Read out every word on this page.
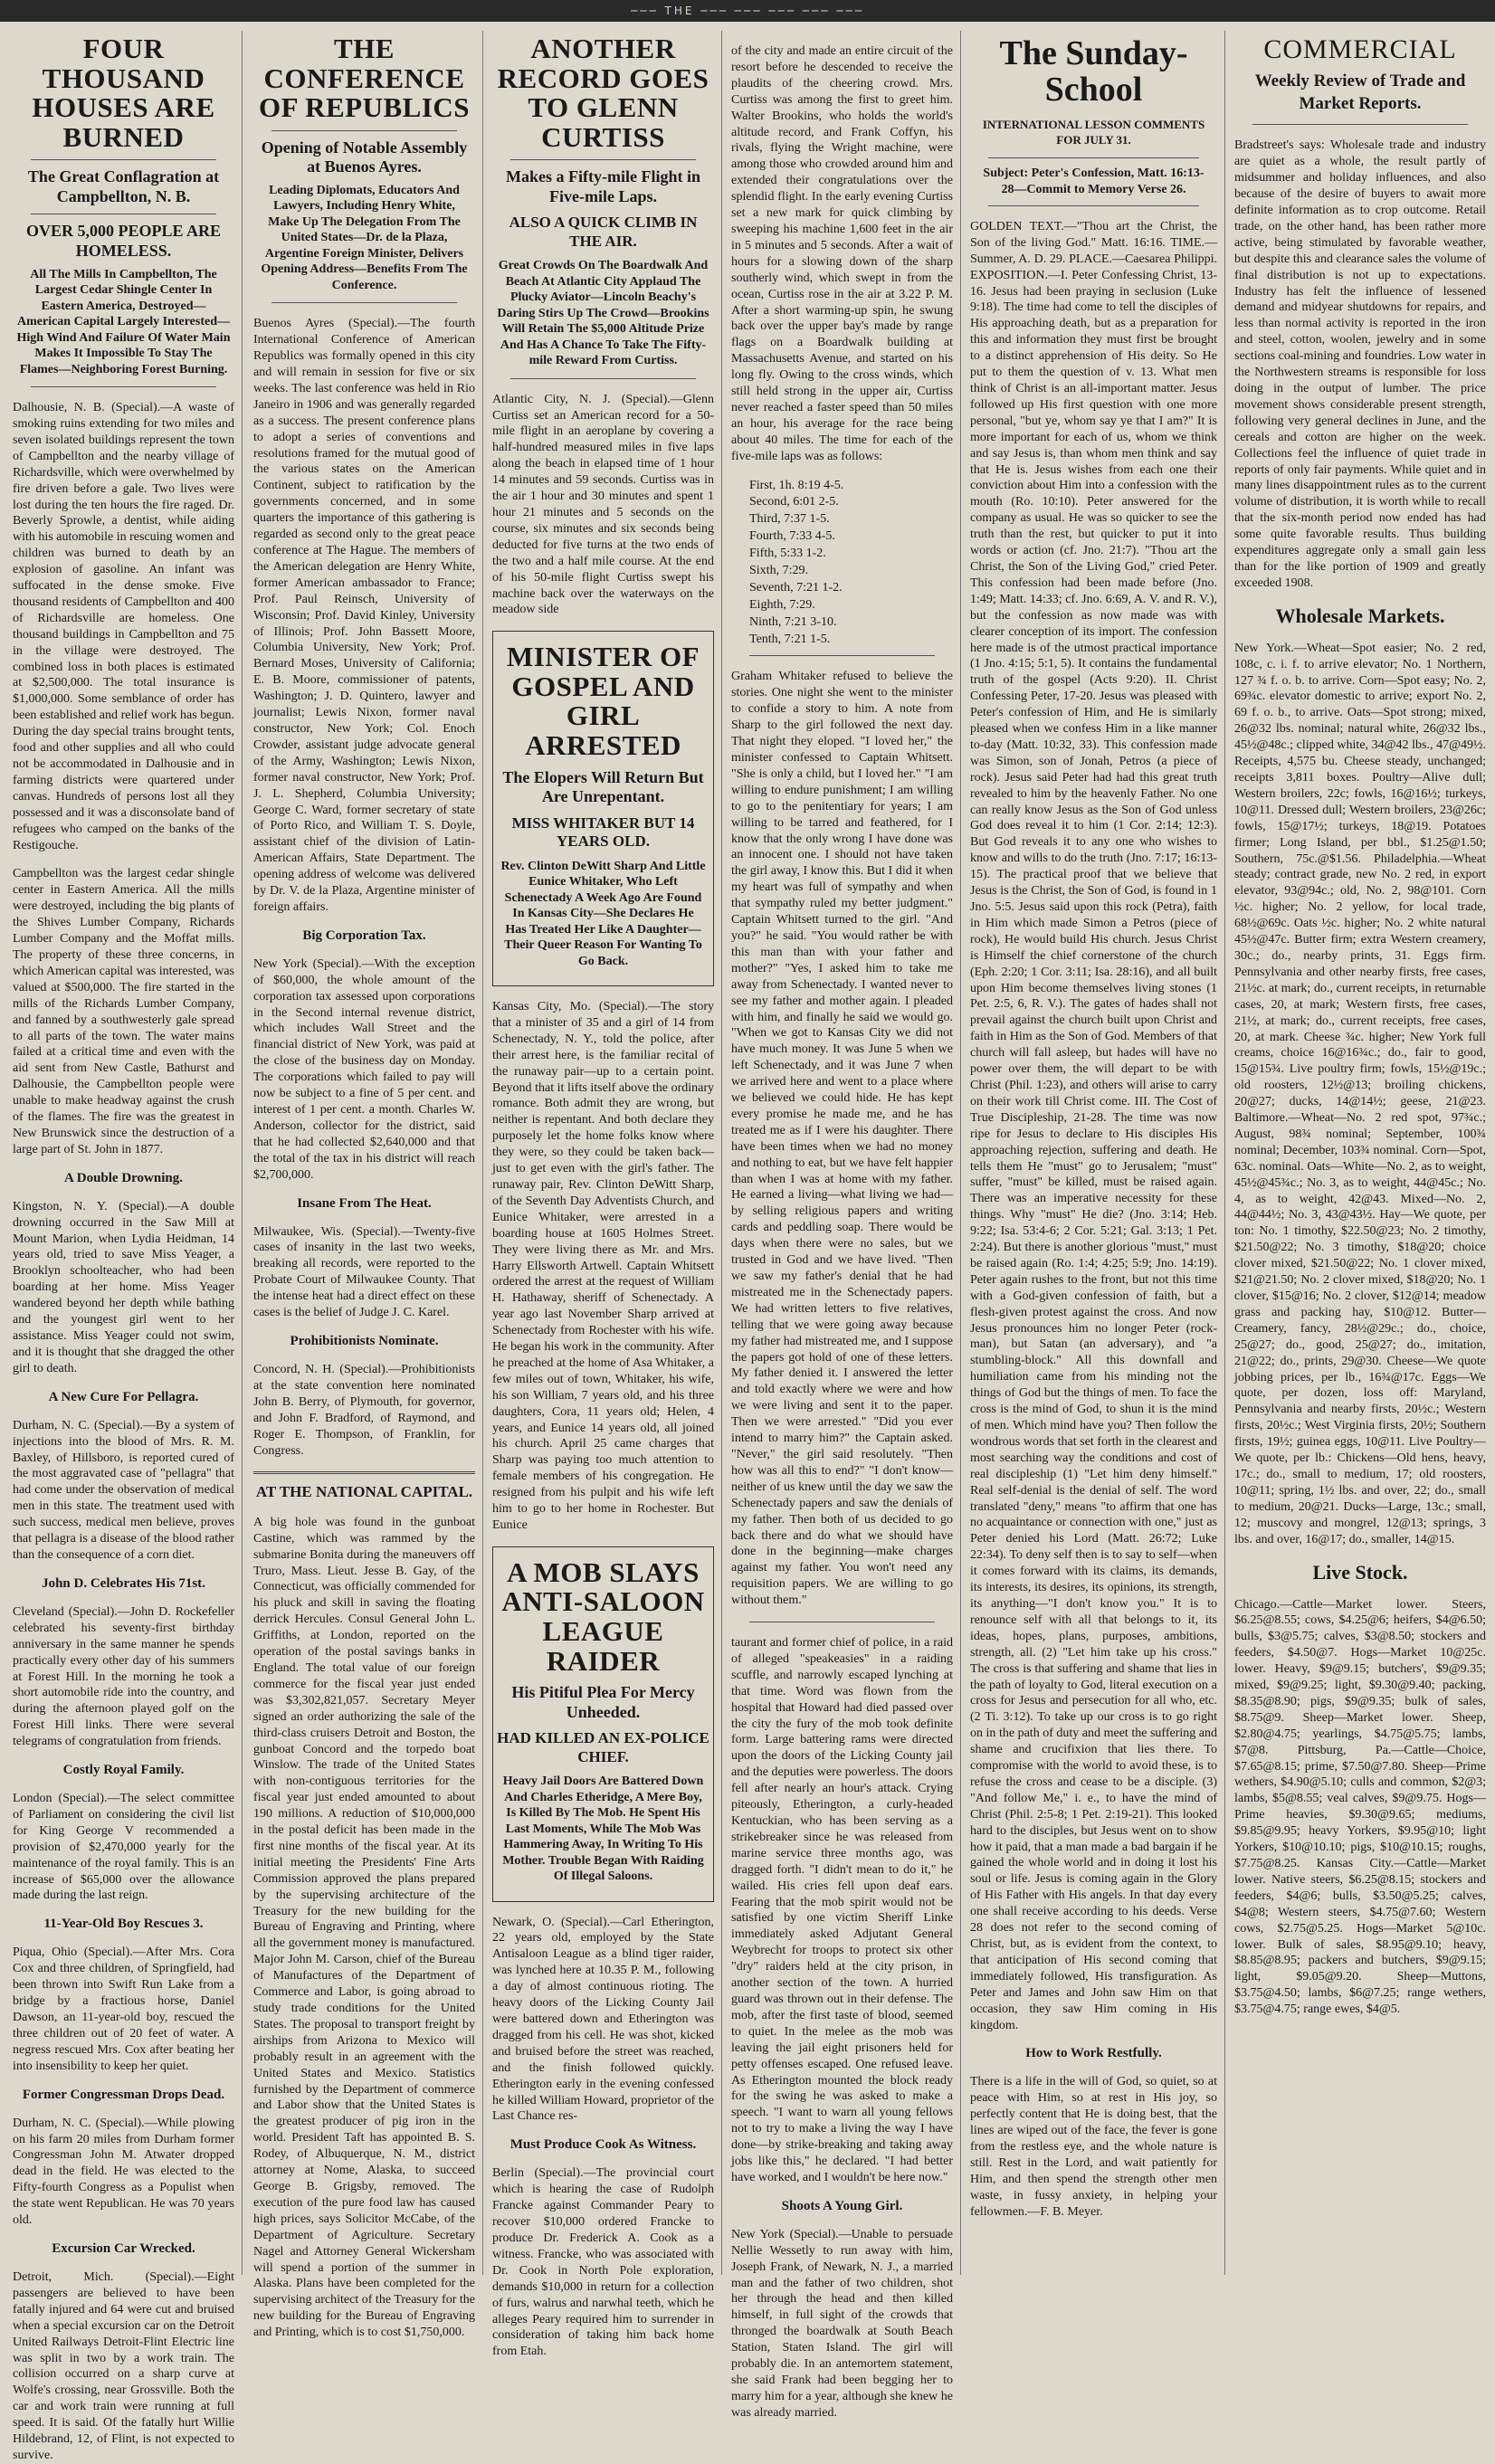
─── THE ─── ─── ─── ─── ───
FOUR THOUSAND HOUSES ARE BURNED
The Great Conflagration at Campbellton, N. B.
OVER 5,000 PEOPLE ARE HOMELESS.
All The Mills In Campbellton, The Largest Cedar Shingle Center In Eastern America, Destroyed—American Capital Largely Interested—High Wind And Failure Of Water Main Makes It Impossible To Stay The Flames—Neighboring Forest Burning.

Dalhousie, N. B. (Special).—A waste of smoking ruins extending for two miles and seven isolated buildings represent the town of Campbellton and the nearby village of Richardsville, which were overwhelmed by fire driven before a gale. Two lives were lost during the ten hours the fire raged. Dr. Beverly Sprowle, a dentist, while aiding with his automobile in rescuing women and children was burned to death by an explosion of gasoline. An infant was suffocated in the dense smoke. Five thousand residents of Campbellton and 400 of Richardsville are homeless. One thousand buildings in Campbellton and 75 in the village were destroyed. The combined loss in both places is estimated at $2,500,000. The total insurance is $1,000,000. Some semblance of order has been established and relief work has begun. During the day special trains brought tents, food and other supplies and all who could not be accommodated in Dalhousie and in farming districts were quartered under canvas. Hundreds of persons lost all they possessed and it was a disconsolate band of refugees who camped on the banks of the Restigouche.

Campbellton was the largest cedar shingle center in Eastern America. All the mills were destroyed, including the big plants of the Shives Lumber Company, Richards Lumber Company and the Moffat mills. The property of these three concerns, in which American capital was interested, was valued at $500,000. The fire started in the mills of the Richards Lumber Company, and fanned by a southwesterly gale spread to all parts of the town. The water mains failed at a critical time and even with the aid sent from New Castle, Bathurst and Dalhousie, the Campbellton people were unable to make headway against the crush of the flames. The fire was the greatest in New Brunswick since the destruction of a large part of St. John in 1877.

A Double Drowning.

Kingston, N. Y. (Special).—A double drowning occurred in the Saw Mill at Mount Marion, when Lydia Heidman, 14 years old, tried to save Miss Yeager, a Brooklyn schoolteacher, who had been boarding at her home. Miss Yeager wandered beyond her depth while bathing and the youngest girl went to her assistance. Miss Yeager could not swim, and it is thought that she dragged the other girl to death.

A New Cure For Pellagra.

Durham, N. C. (Special).—By a system of injections into the blood of Mrs. R. M. Baxley, of Hillsboro, is reported cured of the most aggravated case of "pellagra" that had come under the observation of medical men in this state. The treatment used with such success, medical men believe, proves that pellagra is a disease of the blood rather than the consequence of a corn diet.

John D. Celebrates His 71st.

Cleveland (Special).—John D. Rockefeller celebrated his seventy-first birthday anniversary in the same manner he spends practically every other day of his summers at Forest Hill. In the morning he took a short automobile ride into the country, and during the afternoon played golf on the Forest Hill links. There were several telegrams of congratulation from friends.

Costly Royal Family.

London (Special).—The select committee of Parliament on considering the civil list for King George V recommended a provision of $2,470,000 yearly for the maintenance of the royal family. This is an increase of $65,000 over the allowance made during the last reign.

11-Year-Old Boy Rescues 3.

Piqua, Ohio (Special).—After Mrs. Cora Cox and three children, of Springfield, had been thrown into Swift Run Lake from a bridge by a fractious horse, Daniel Dawson, an 11-year-old boy, rescued the three children out of 20 feet of water. A negress rescued Mrs. Cox after beating her into insensibility to keep her quiet.

Former Congressman Drops Dead.

Durham, N. C. (Special).—While plowing on his farm 20 miles from Durham former Congressman John M. Atwater dropped dead in the field. He was elected to the Fifty-fourth Congress as a Populist when the state went Republican. He was 70 years old.

Excursion Car Wrecked.

Detroit, Mich. (Special).—Eight passengers are believed to have been fatally injured and 64 were cut and bruised when a special excursion car on the Detroit United Railways Detroit-Flint Electric line was split in two by a work train. The collision occurred on a sharp curve at Wolfe's crossing, near Grossville. Both the car and work train were running at full speed. It is said. Of the fatally hurt Willie Hildebrand, 12, of Flint, is not expected to survive.

THE CONFERENCE OF REPUBLICS
Opening of Notable Assembly at Buenos Ayres.
Leading Diplomats, Educators And Lawyers, Including Henry White, Make Up The Delegation From The United States—Dr. de la Plaza, Argentine Foreign Minister, Delivers Opening Address—Benefits From The Conference.

Buenos Ayres (Special).—The fourth International Conference of American Republics was formally opened in this city and will remain in session for five or six weeks. The last conference was held in Rio Janeiro in 1906 and was generally regarded as a success. The present conference plans to adopt a series of conventions and resolutions framed for the mutual good of the various states on the American Continent, subject to ratification by the governments concerned, and in some quarters the importance of this gathering is regarded as second only to the great peace conference at The Hague. The members of the American delegation are Henry White, former American ambassador to France; Prof. Paul Reinsch, University of Wisconsin; Prof. David Kinley, University of Illinois; Prof. John Bassett Moore, Columbia University, New York; Prof. Bernard Moses, University of California; E. B. Moore, commissioner of patents, Washington; J. D. Quintero, lawyer and journalist; Lewis Nixon, former naval constructor, New York; Col. Enoch Crowder, assistant judge advocate general of the Army, Washington; Lewis Nixon, former naval constructor, New York; Prof. J. L. Shepherd, Columbia University; George C. Ward, former secretary of state of Porto Rico, and William T. S. Doyle, assistant chief of the division of Latin-American Affairs, State Department. The opening address of welcome was delivered by Dr. V. de la Plaza, Argentine minister of foreign affairs.

Big Corporation Tax.

New York (Special).—With the exception of $60,000, the whole amount of the corporation tax assessed upon corporations in the Second internal revenue district, which includes Wall Street and the financial district of New York, was paid at the close of the business day on Monday. The corporations which failed to pay will now be subject to a fine of 5 per cent. and interest of 1 per cent. a month. Charles W. Anderson, collector for the district, said that he had collected $2,640,000 and that the total of the tax in his district will reach $2,700,000.

Insane From The Heat.

Milwaukee, Wis. (Special).—Twenty-five cases of insanity in the last two weeks, breaking all records, were reported to the Probate Court of Milwaukee County. That the intense heat had a direct effect on these cases is the belief of Judge J. C. Karel.

Prohibitionists Nominate.

Concord, N. H. (Special).—Prohibitionists at the state convention here nominated John B. Berry, of Plymouth, for governor, and John F. Bradford, of Raymond, and Roger E. Thompson, of Franklin, for Congress.

AT THE NATIONAL CAPITAL.

A big hole was found in the gunboat Castine, which was rammed by the submarine Bonita during the maneuvers off Truro, Mass. Lieut. Jesse B. Gay, of the Connecticut, was officially commended for his pluck and skill in saving the floating derrick Hercules. Consul General John L. Griffiths, at London, reported on the operation of the postal savings banks in England. The total value of our foreign commerce for the fiscal year just ended was $3,302,821,057. Secretary Meyer signed an order authorizing the sale of the third-class cruisers Detroit and Boston, the gunboat Concord and the torpedo boat Winslow. The trade of the United States with non-contiguous territories for the fiscal year just ended amounted to about 190 millions. A reduction of $10,000,000 in the postal deficit has been made in the first nine months of the fiscal year. At its initial meeting the Presidents' Fine Arts Commission approved the plans prepared by the supervising architecture of the Treasury for the new building for the Bureau of Engraving and Printing, where all the government money is manufactured. Major John M. Carson, chief of the Bureau of Manufactures of the Department of Commerce and Labor, is going abroad to study trade conditions for the United States. The proposal to transport freight by airships from Arizona to Mexico will probably result in an agreement with the United States and Mexico. Statistics furnished by the Department of commerce and Labor show that the United States is the greatest producer of pig iron in the world. President Taft has appointed B. S. Rodey, of Albuquerque, N. M., district attorney at Nome, Alaska, to succeed George B. Grigsby, removed. The execution of the pure food law has caused high prices, says Solicitor McCabe, of the Department of Agriculture. Secretary Nagel and Attorney General Wickersham will spend a portion of the summer in Alaska. Plans have been completed for the supervising architect of the Treasury for the new building for the Bureau of Engraving and Printing, which is to cost $1,750,000.

ANOTHER RECORD GOES TO GLENN CURTISS
Makes a Fifty-mile Flight in Five-mile Laps.
ALSO A QUICK CLIMB IN THE AIR.
Great Crowds On The Boardwalk And Beach At Atlantic City Applaud The Plucky Aviator—Lincoln Beachy's Daring Stirs Up The Crowd—Brookins Will Retain The $5,000 Altitude Prize And Has A Chance To Take The Fifty-mile Reward From Curtiss.

Atlantic City, N. J. (Special).—Glenn Curtiss set an American record for a 50-mile flight in an aeroplane by covering a half-hundred measured miles in five laps along the beach in elapsed time of 1 hour 14 minutes and 59 seconds. Curtiss was in the air 1 hour and 30 minutes and spent 1 hour 21 minutes and 5 seconds on the course, six minutes and six seconds being deducted for five turns at the two ends of the two and a half mile course. At the end of his 50-mile flight Curtiss swept his machine back over the waterways on the meadow side

MINISTER OF GOSPEL AND GIRL ARRESTED
The Elopers Will Return But Are Unrepentant.
MISS WHITAKER BUT 14 YEARS OLD.
Rev. Clinton DeWitt Sharp And Little Eunice Whitaker, Who Left Schenectady A Week Ago Are Found In Kansas City—She Declares He Has Treated Her Like A Daughter—Their Queer Reason For Wanting To Go Back.

Kansas City, Mo. (Special).—The story that a minister of 35 and a girl of 14 from Schenectady, N. Y., told the police, after their arrest here, is the familiar recital of the runaway pair—up to a certain point. Beyond that it lifts itself above the ordinary romance. Both admit they are wrong, but neither is repentant. And both declare they purposely let the home folks know where they were, so they could be taken back—just to get even with the girl's father. The runaway pair, Rev. Clinton DeWitt Sharp, of the Seventh Day Adventists Church, and Eunice Whitaker, were arrested in a boarding house at 1605 Holmes Street. They were living there as Mr. and Mrs. Harry Ellsworth Artwell. Captain Whitsett ordered the arrest at the request of William H. Hathaway, sheriff of Schenectady. A year ago last November Sharp arrived at Schenectady from Rochester with his wife. He began his work in the community. After he preached at the home of Asa Whitaker, a few miles out of town, Whitaker, his wife, his son William, 7 years old, and his three daughters, Cora, 11 years old; Helen, 4 years, and Eunice 14 years old, all joined his church. April 25 came charges that Sharp was paying too much attention to female members of his congregation. He resigned from his pulpit and his wife left him to go to her home in Rochester. But Eunice

A MOB SLAYS ANTI-SALOON LEAGUE RAIDER
His Pitiful Plea For Mercy Unheeded.
HAD KILLED AN EX-POLICE CHIEF.
Heavy Jail Doors Are Battered Down And Charles Etheridge, A Mere Boy, Is Killed By The Mob. He Spent His Last Moments, While The Mob Was Hammering Away, In Writing To His Mother. Trouble Began With Raiding Of Illegal Saloons.

Newark, O. (Special).—Carl Etherington, 22 years old, employed by the State Antisaloon League as a blind tiger raider, was lynched here at 10.35 P. M., following a day of almost continuous rioting. The heavy doors of the Licking County Jail were battered down and Etherington was dragged from his cell. He was shot, kicked and bruised before the street was reached, and the finish followed quickly. Etherington early in the evening confessed he killed William Howard, proprietor of the Last Chance res-

Must Produce Cook As Witness.

Berlin (Special).—The provincial court which is hearing the case of Rudolph Francke against Commander Peary to recover $10,000 ordered Francke to produce Dr. Frederick A. Cook as a witness. Francke, who was associated with Dr. Cook in North Pole exploration, demands $10,000 in return for a collection of furs, walrus and narwhal teeth, which he alleges Peary required him to surrender in consideration of taking him back home from Etah.

of the city and made an entire circuit of the resort before he descended to receive the plaudits of the cheering crowd. Mrs. Curtiss was among the first to greet him. Walter Brookins, who holds the world's altitude record, and Frank Coffyn, his rivals, flying the Wright machine, were among those who crowded around him and extended their congratulations over the splendid flight. In the early evening Curtiss set a new mark for quick climbing by sweeping his machine 1,600 feet in the air in 5 minutes and 5 seconds. After a wait of hours for a slowing down of the sharp southerly wind, which swept in from the ocean, Curtiss rose in the air at 3.22 P. M. After a short warming-up spin, he swung back over the upper bay's made by range flags on a Boardwalk building at Massachusetts Avenue, and started on his long fly. Owing to the cross winds, which still held strong in the upper air, Curtiss never reached a faster speed than 50 miles an hour, his average for the race being about 40 miles. The time for each of the five-mile laps was as follows:

First, 1h. 8:19 4-5.
Second, 6:01 2-5.
Third, 7:37 1-5.
Fourth, 7:33 4-5.
Fifth, 5:33 1-2.
Sixth, 7:29.
Seventh, 7:21 1-2.
Eighth, 7:29.
Ninth, 7:21 3-10.
Tenth, 7:21 1-5.

Graham Whitaker refused to believe the stories. One night she went to the minister to confide a story to him. A note from Sharp to the girl followed the next day. That night they eloped. "I loved her," the minister confessed to Captain Whitsett. "She is only a child, but I loved her." "I am willing to endure punishment; I am willing to go to the penitentiary for years; I am willing to be tarred and feathered, for I know that the only wrong I have done was an innocent one. I should not have taken the girl away, I know this. But I did it when my heart was full of sympathy and when that sympathy ruled my better judgment." Captain Whitsett turned to the girl. "And you?" he said. "You would rather be with this man than with your father and mother?" "Yes, I asked him to take me away from Schenectady. I wanted never to see my father and mother again. I pleaded with him, and finally he said we would go. "When we got to Kansas City we did not have much money. It was June 5 when we left Schenectady, and it was June 7 when we arrived here and went to a place where we believed we could hide. He has kept every promise he made me, and he has treated me as if I were his daughter. There have been times when we had no money and nothing to eat, but we have felt happier than when I was at home with my father. He earned a living—what living we had—by selling religious papers and writing cards and peddling soap. There would be days when there were no sales, but we trusted in God and we have lived. "Then we saw my father's denial that he had mistreated me in the Schenectady papers. We had written letters to five relatives, telling that we were going away because my father had mistreated me, and I suppose the papers got hold of one of these letters. My father denied it. I answered the letter and told exactly where we were and how we were living and sent it to the paper. Then we were arrested." "Did you ever intend to marry him?" the Captain asked. "Never," the girl said resolutely. "Then how was all this to end?" "I don't know—neither of us knew until the day we saw the Schenectady papers and saw the denials of my father. Then both of us decided to go back there and do what we should have done in the beginning—make charges against my father. You won't need any requisition papers. We are willing to go without them."

taurant and former chief of police, in a raid of alleged "speakeasies" in a raiding scuffle, and narrowly escaped lynching at that time. Word was flown from the hospital that Howard had died passed over the city the fury of the mob took definite form. Large battering rams were directed upon the doors of the Licking County jail and the deputies were powerless. The doors fell after nearly an hour's attack. Crying piteously, Etherington, a curly-headed Kentuckian, who has been serving as a strikebreaker since he was released from marine service three months ago, was dragged forth. "I didn't mean to do it," he wailed. His cries fell upon deaf ears. Fearing that the mob spirit would not be satisfied by one victim Sheriff Linke immediately asked Adjutant General Weybrecht for troops to protect six other "dry" raiders held at the city prison, in another section of the town. A hurried guard was thrown out in their defense. The mob, after the first taste of blood, seemed to quiet. In the melee as the mob was leaving the jail eight prisoners held for petty offenses escaped. One refused leave. As Etherington mounted the block ready for the swing he was asked to make a speech. "I want to warn all young fellows not to try to make a living the way I have done—by strike-breaking and taking away jobs like this," he declared. "I had better have worked, and I wouldn't be here now."

Shoots A Young Girl.

New York (Special).—Unable to persuade Nellie Wessetly to run away with him, Joseph Frank, of Newark, N. J., a married man and the father of two children, shot her through the head and then killed himself, in full sight of the crowds that thronged the boardwalk at South Beach Station, Staten Island. The girl will probably die. In an antemortem statement, she said Frank had been begging her to marry him for a year, although she knew he was already married.

The Sunday-School
INTERNATIONAL LESSON COMMENTS FOR JULY 31.
Subject: Peter's Confession, Matt. 16:13-28—Commit to Memory Verse 26.

GOLDEN TEXT.—"Thou art the Christ, the Son of the living God." Matt. 16:16. TIME.—Summer, A. D. 29. PLACE.—Caesarea Philippi. EXPOSITION.—I. Peter Confessing Christ, 13-16. Jesus had been praying in seclusion (Luke 9:18). The time had come to tell the disciples of His approaching death, but as a preparation for this and information they must first be brought to a distinct apprehension of His deity. So He put to them the question of v. 13. What men think of Christ is an all-important matter. Jesus followed up His first question with one more personal, "but ye, whom say ye that I am?" It is more important for each of us, whom we think and say Jesus is, than whom men think and say that He is. Jesus wishes from each one their conviction about Him into a confession with the mouth (Ro. 10:10). Peter answered for the company as usual. He was so quicker to see the truth than the rest, but quicker to put it into words or action (cf. Jno. 21:7). "Thou art the Christ, the Son of the Living God," cried Peter. This confession had been made before (Jno. 1:49; Matt. 14:33; cf. Jno. 6:69, A. V. and R. V.), but the confession as now made was with clearer conception of its import. The confession here made is of the utmost practical importance (1 Jno. 4:15; 5:1, 5). It contains the fundamental truth of the gospel (Acts 9:20). II. Christ Confessing Peter, 17-20. Jesus was pleased with Peter's confession of Him, and He is similarly pleased when we confess Him in a like manner to-day (Matt. 10:32, 33). This confession made was Simon, son of Jonah, Petros (a piece of rock). Jesus said Peter had had this great truth revealed to him by the heavenly Father. No one can really know Jesus as the Son of God unless God does reveal it to him (1 Cor. 2:14; 12:3). But God reveals it to any one who wishes to know and wills to do the truth (Jno. 7:17; 16:13-15). The practical proof that we believe that Jesus is the Christ, the Son of God, is found in 1 Jno. 5:5. Jesus said upon this rock (Petra), faith in Him which made Simon a Petros (piece of rock), He would build His church. Jesus Christ is Himself the chief cornerstone of the church (Eph. 2:20; 1 Cor. 3:11; Isa. 28:16), and all built upon Him become themselves living stones (1 Pet. 2:5, 6, R. V.). The gates of hades shall not prevail against the church built upon Christ and faith in Him as the Son of God. Members of that church will fall asleep, but hades will have no power over them, the will depart to be with Christ (Phil. 1:23), and others will arise to carry on their work till Christ come. III. The Cost of True Discipleship, 21-28. The time was now ripe for Jesus to declare to His disciples His approaching rejection, suffering and death. He tells them He "must" go to Jerusalem; "must" suffer, "must" be killed, must be raised again. There was an imperative necessity for these things. Why "must" He die? (Jno. 3:14; Heb. 9:22; Isa. 53:4-6; 2 Cor. 5:21; Gal. 3:13; 1 Pet. 2:24). But there is another glorious "must," must be raised again (Ro. 1:4; 4:25; 5:9; Jno. 14:19). Peter again rushes to the front, but not this time with a God-given confession of faith, but a flesh-given protest against the cross. And now Jesus pronounces him no longer Peter (rock-man), but Satan (an adversary), and "a stumbling-block." All this downfall and humiliation came from his minding not the things of God but the things of men. To face the cross is the mind of God, to shun it is the mind of men. Which mind have you? Then follow the wondrous words that set forth in the clearest and most searching way the conditions and cost of real discipleship (1) "Let him deny himself." Real self-denial is the denial of self. The word translated "deny," means "to affirm that one has no acquaintance or connection with one," just as Peter denied his Lord (Matt. 26:72; Luke 22:34). To deny self then is to say to self—when it comes forward with its claims, its demands, its interests, its desires, its opinions, its strength, its anything—"I don't know you." It is to renounce self with all that belongs to it, its ideas, hopes, plans, purposes, ambitions, strength, all. (2) "Let him take up his cross." The cross is that suffering and shame that lies in the path of loyalty to God, literal execution on a cross for Jesus and persecution for all who, etc. (2 Ti. 3:12). To take up our cross is to go right on in the path of duty and meet the suffering and shame and crucifixion that lies there. To compromise with the world to avoid these, is to refuse the cross and cease to be a disciple. (3) "And follow Me," i. e., to have the mind of Christ (Phil. 2:5-8; 1 Pet. 2:19-21). This looked hard to the disciples, but Jesus went on to show how it paid, that a man made a bad bargain if he gained the whole world and in doing it lost his soul or life. Jesus is coming again in the Glory of His Father with His angels. In that day every one shall receive according to his deeds. Verse 28 does not refer to the second coming of Christ, but, as is evident from the context, to that anticipation of His second coming that immediately followed, His transfiguration. As Peter and James and John saw Him on that occasion, they saw Him coming in His kingdom.

How to Work Restfully.

There is a life in the will of God, so quiet, so at peace with Him, so at rest in His joy, so perfectly content that He is doing best, that the lines are wiped out of the face, the fever is gone from the restless eye, and the whole nature is still. Rest in the Lord, and wait patiently for Him, and then spend the strength other men waste, in fussy anxiety, in helping your fellowmen.—F. B. Meyer.

COMMERCIAL
Weekly Review of Trade and Market Reports.

Bradstreet's says: Wholesale trade and industry are quiet as a whole, the result partly of midsummer and holiday influences, and also because of the desire of buyers to await more definite information as to crop outcome. Retail trade, on the other hand, has been rather more active, being stimulated by favorable weather, but despite this and clearance sales the volume of final distribution is not up to expectations. Industry has felt the influence of lessened demand and midyear shutdowns for repairs, and less than normal activity is reported in the iron and steel, cotton, woolen, jewelry and in some sections coal-mining and foundries. Low water in the Northwestern streams is responsible for loss doing in the output of lumber. The price movement shows considerable present strength, following very general declines in June, and the cereals and cotton are higher on the week. Collections feel the influence of quiet trade in reports of only fair payments. While quiet and in many lines disappointment rules as to the current volume of distribution, it is worth while to recall that the six-month period now ended has had some quite favorable results. Thus building expenditures aggregate only a small gain less than for the like portion of 1909 and greatly exceeded 1908.

Wholesale Markets.

New York.—Wheat—Spot easier; No. 2 red, 108c, c. i. f. to arrive elevator; No. 1 Northern, 127 ¾ f. o. b. to arrive. Corn—Spot easy; No. 2, 69¾c. elevator domestic to arrive; export No. 2, 69 f. o. b., to arrive. Oats—Spot strong; mixed, 26@32 lbs. nominal; natural white, 26@32 lbs., 45½@48c.; clipped white, 34@42 lbs., 47@49½. Receipts, 4,575 bu. Cheese steady, unchanged; receipts 3,811 boxes. Poultry—Alive dull; Western broilers, 22c; fowls, 16@16½; turkeys, 10@11. Dressed dull; Western broilers, 23@26c; fowls, 15@17½; turkeys, 18@19. Potatoes firmer; Long Island, per bbl., $1.25@1.50; Southern, 75c.@$1.56. Philadelphia.—Wheat steady; contract grade, new No. 2 red, in export elevator, 93@94c.; old, No. 2, 98@101. Corn ½c. higher; No. 2 yellow, for local trade, 68½@69c. Oats ½c. higher; No. 2 white natural 45½@47c. Butter firm; extra Western creamery, 30c.; do., nearby prints, 31. Eggs firm. Pennsylvania and other nearby firsts, free cases, 21½c. at mark; do., current receipts, in returnable cases, 20, at mark; Western firsts, free cases, 21½, at mark; do., current receipts, free cases, 20, at mark. Cheese ¾c. higher; New York full creams, choice 16@16¾c.; do., fair to good, 15@15¾. Live poultry firm; fowls, 15½@19c.; old roosters, 12½@13; broiling chickens, 20@27; ducks, 14@14½; geese, 21@23. Baltimore.—Wheat—No. 2 red spot, 97¾c.; August, 98¾ nominal; September, 100¾ nominal; December, 103¾ nominal. Corn—Spot, 63c. nominal. Oats—White—No. 2, as to weight, 45½@45¾c.; No. 3, as to weight, 44@45c.; No. 4, as to weight, 42@43. Mixed—No. 2, 44@44½; No. 3, 43@43½. Hay—We quote, per ton: No. 1 timothy, $22.50@23; No. 2 timothy, $21.50@22; No. 3 timothy, $18@20; choice clover mixed, $21.50@22; No. 1 clover mixed, $21@21.50; No. 2 clover mixed, $18@20; No. 1 clover, $15@16; No. 2 clover, $12@14; meadow grass and packing hay, $10@12. Butter—Creamery, fancy, 28½@29c.; do., choice, 25@27; do., good, 25@27; do., imitation, 21@22; do., prints, 29@30. Cheese—We quote jobbing prices, per lb., 16¾@17c. Eggs—We quote, per dozen, loss off: Maryland, Pennsylvania and nearby firsts, 20½c.; Western firsts, 20½c.; West Virginia firsts, 20½; Southern firsts, 19½; guinea eggs, 10@11. Live Poultry—We quote, per lb.: Chickens—Old hens, heavy, 17c.; do., small to medium, 17; old roosters, 10@11; spring, 1½ lbs. and over, 22; do., small to medium, 20@21. Ducks—Large, 13c.; small, 12; muscovy and mongrel, 12@13; springs, 3 lbs. and over, 16@17; do., smaller, 14@15.

Live Stock.

Chicago.—Cattle—Market lower. Steers, $6.25@8.55; cows, $4.25@6; heifers, $4@6.50; bulls, $3@5.75; calves, $3@8.50; stockers and feeders, $4.50@7. Hogs—Market 10@25c. lower. Heavy, $9@9.15; butchers', $9@9.35; mixed, $9@9.25; light, $9.30@9.40; packing, $8.35@8.90; pigs, $9@9.35; bulk of sales, $8.75@9. Sheep—Market lower. Sheep, $2.80@4.75; yearlings, $4.75@5.75; lambs, $7@8. Pittsburg, Pa.—Cattle—Choice, $7.65@8.15; prime, $7.50@7.80. Sheep—Prime wethers, $4.90@5.10; culls and common, $2@3; lambs, $5@8.55; veal calves, $9@9.75. Hogs—Prime heavies, $9.30@9.65; mediums, $9.85@9.95; heavy Yorkers, $9.95@10; light Yorkers, $10@10.10; pigs, $10@10.15; roughs, $7.75@8.25. Kansas City.—Cattle—Market lower. Native steers, $6.25@8.15; stockers and feeders, $4@6; bulls, $3.50@5.25; calves, $4@8; Western steers, $4.75@7.60; Western cows, $2.75@5.25. Hogs—Market 5@10c. lower. Bulk of sales, $8.95@9.10; heavy, $8.85@8.95; packers and butchers, $9@9.15; light, $9.05@9.20. Sheep—Muttons, $3.75@4.50; lambs, $6@7.25; range wethers, $3.75@4.75; range ewes, $4@5.
